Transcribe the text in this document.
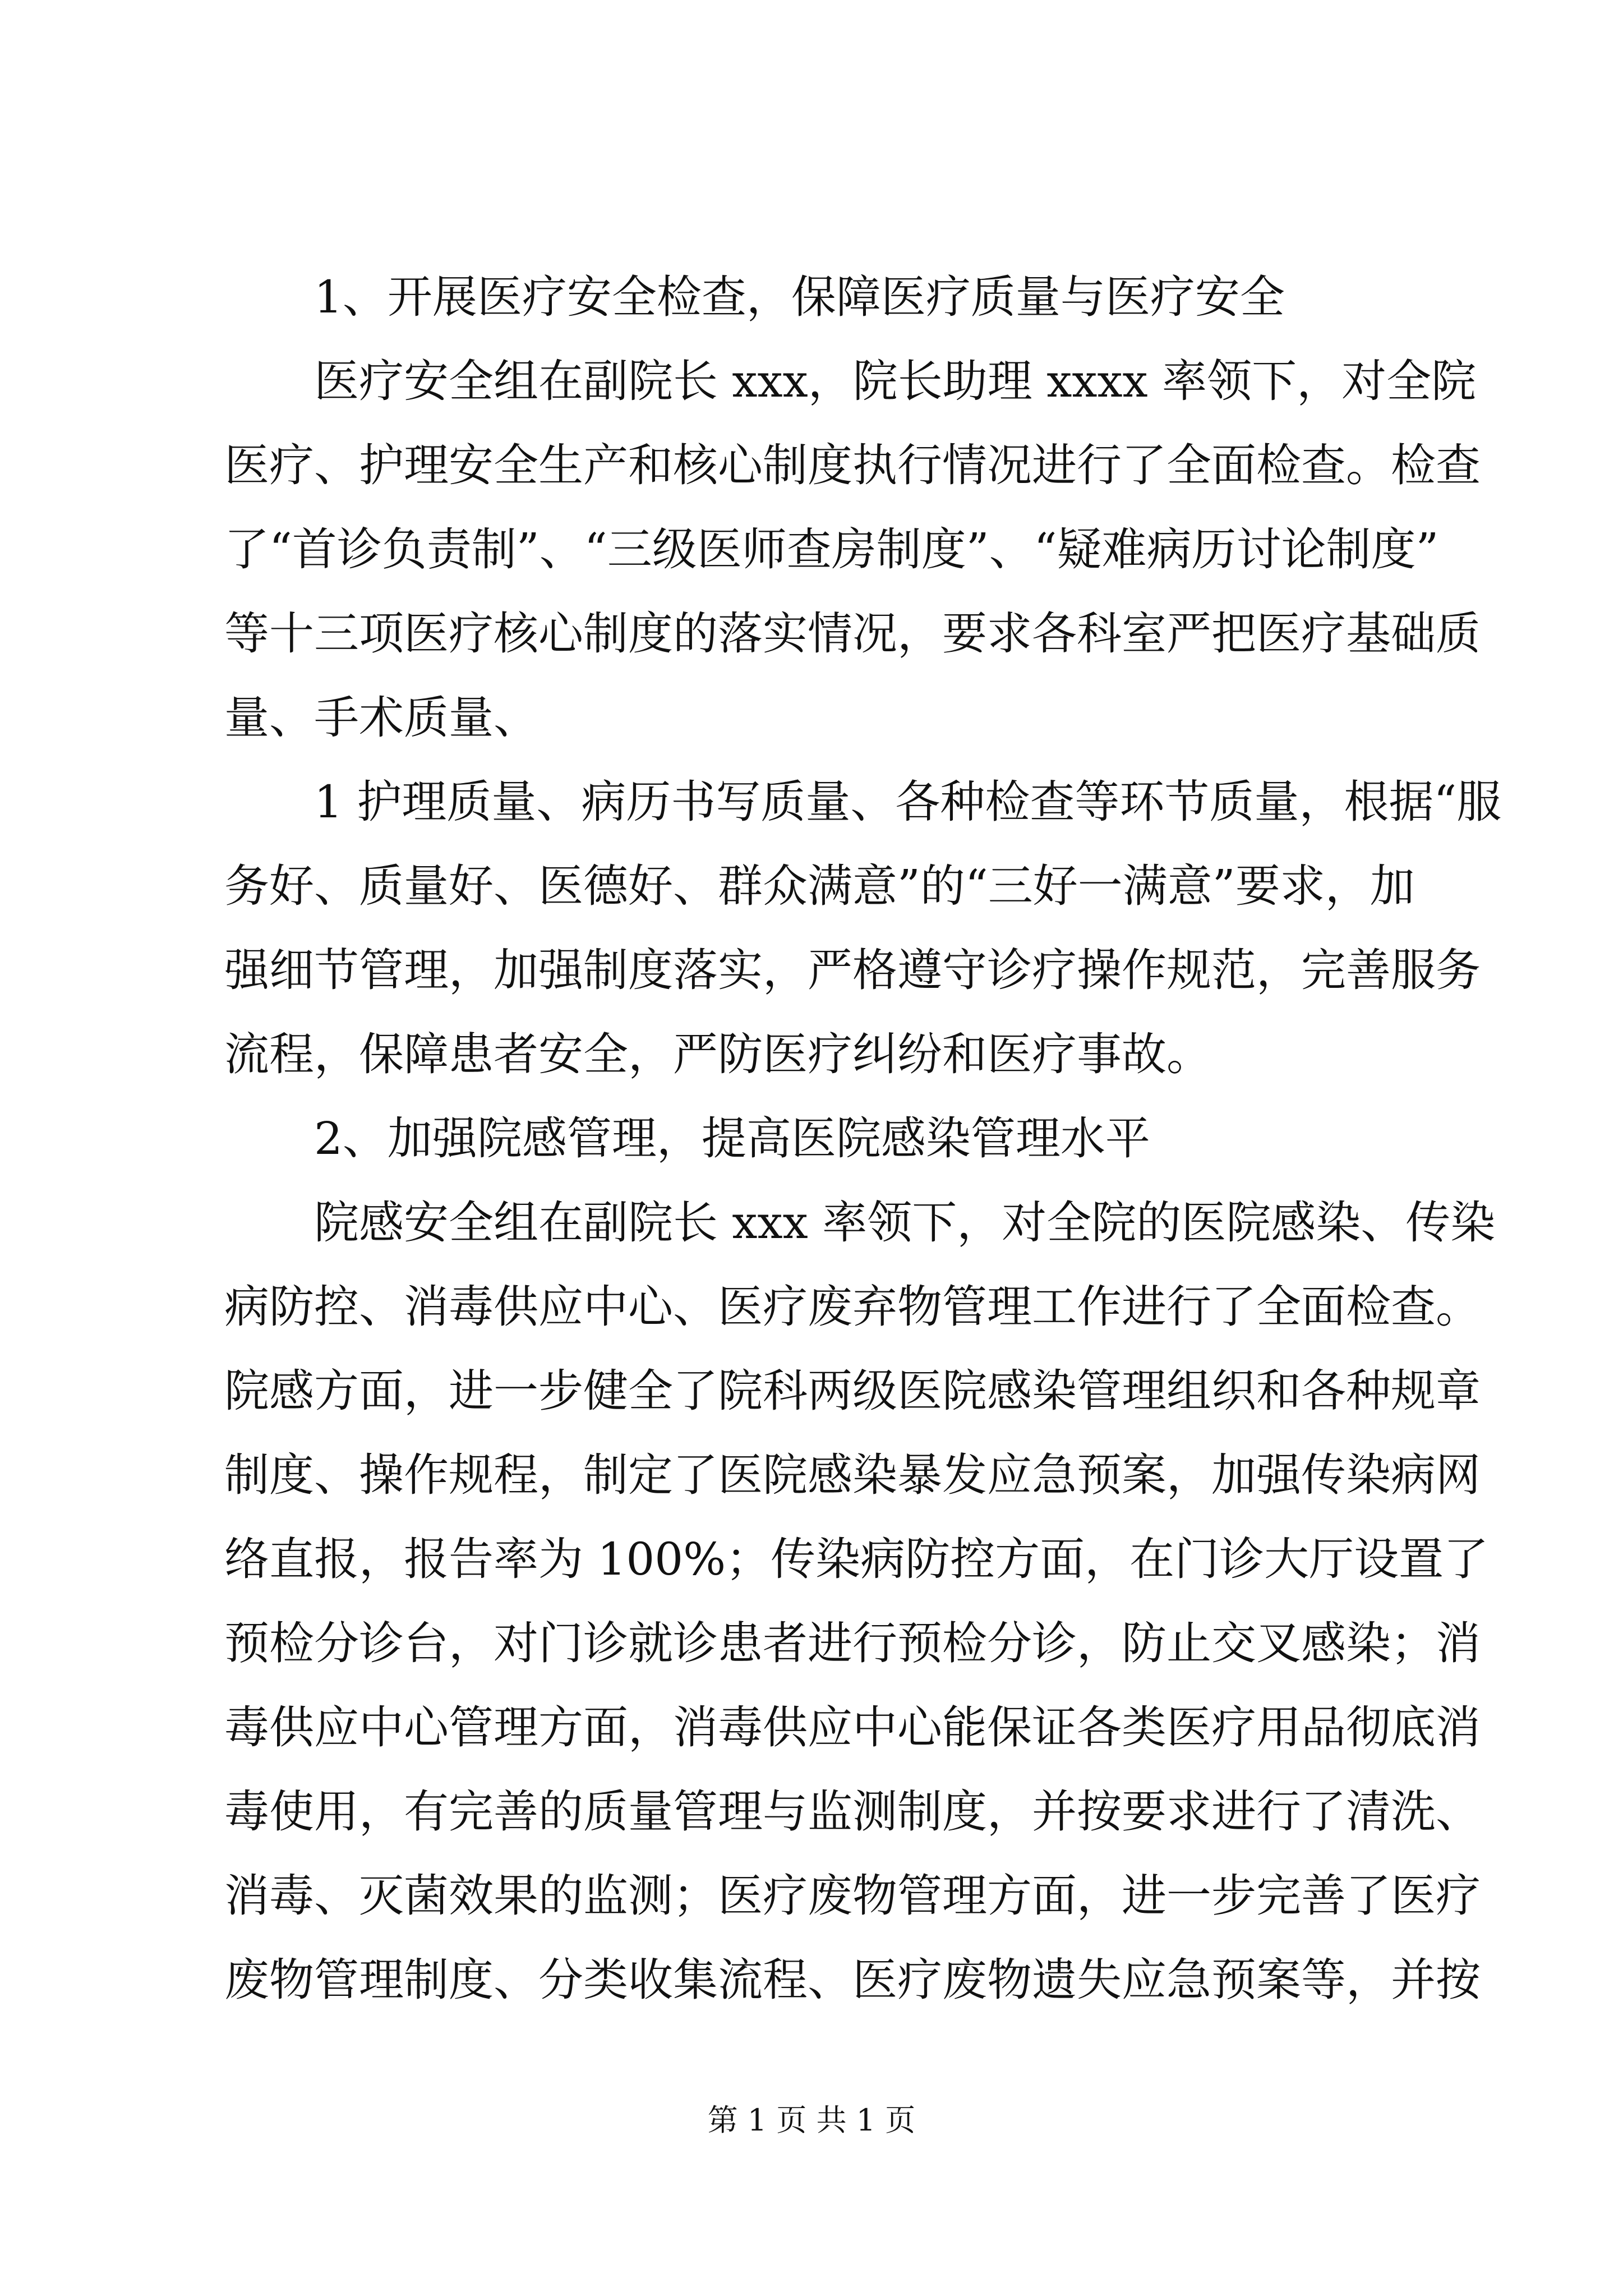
1、开展医疗安全检查，保障医疗质量与医疗安全

医疗安全组在副院长 xxx，院长助理 xxxx 率领下，对全院

医疗、护理安全生产和核心制度执行情况进行了全面检查。检查

了“首诊负责制”、“三级医师查房制度”、“疑难病历讨论制度”

等十三项医疗核心制度的落实情况，要求各科室严把医疗基础质

量、手术质量、

1 护理质量、病历书写质量、各种检查等环节质量，根据“服

务好、质量好、医德好、群众满意”的“三好一满意”要求，加

强细节管理，加强制度落实，严格遵守诊疗操作规范，完善服务

流程，保障患者安全，严防医疗纠纷和医疗事故。

2、加强院感管理，提高医院感染管理水平

院感安全组在副院长 xxx 率领下，对全院的医院感染、传染

病防控、消毒供应中心、医疗废弃物管理工作进行了全面检查。

院感方面，进一步健全了院科两级医院感染管理组织和各种规章

制度、操作规程，制定了医院感染暴发应急预案，加强传染病网

络直报，报告率为 100%；传染病防控方面，在门诊大厅设置了

预检分诊台，对门诊就诊患者进行预检分诊，防止交叉感染；消

毒供应中心管理方面，消毒供应中心能保证各类医疗用品彻底消

毒使用，有完善的质量管理与监测制度，并按要求进行了清洗、

消毒、灭菌效果的监测；医疗废物管理方面，进一步完善了医疗

废物管理制度、分类收集流程、医疗废物遗失应急预案等，并按

第 1 页 共 1 页
